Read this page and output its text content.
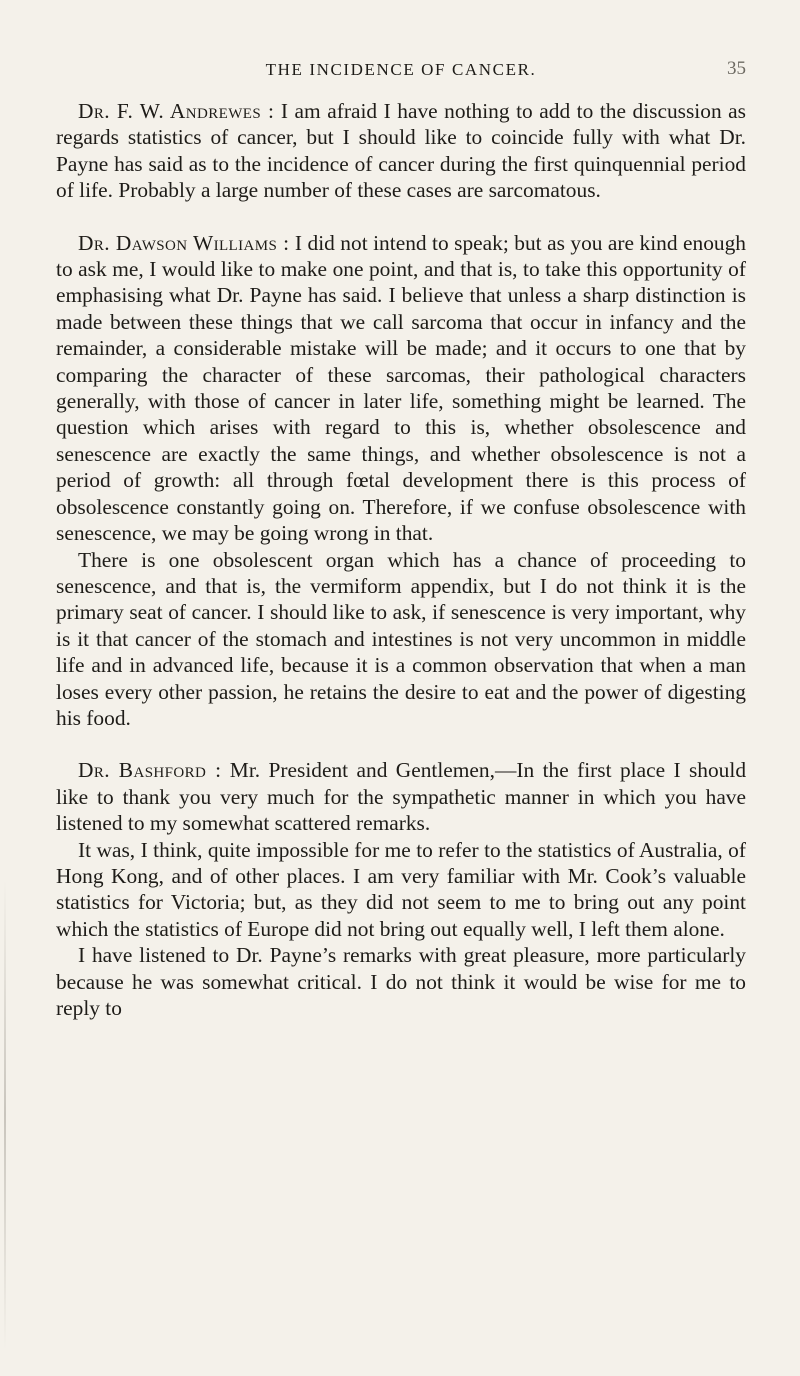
THE INCIDENCE OF CANCER.	35

Dr. F. W. Andrewes : I am afraid I have nothing to add to the discussion as regards statistics of cancer, but I should like to coincide fully with what Dr. Payne has said as to the incidence of cancer during the first quinquennial period of life. Probably a large number of these cases are sarcomatous.

Dr. Dawson Williams : I did not intend to speak; but as you are kind enough to ask me, I would like to make one point, and that is, to take this opportunity of emphasising what Dr. Payne has said. I believe that unless a sharp distinction is made between these things that we call sarcoma that occur in infancy and the remainder, a considerable mistake will be made; and it occurs to one that by comparing the character of these sarcomas, their pathological characters generally, with those of cancer in later life, something might be learned. The question which arises with regard to this is, whether obsolescence and senescence are exactly the same things, and whether obsolescence is not a period of growth: all through fœtal development there is this process of obsolescence constantly going on. Therefore, if we confuse obsolescence with senescence, we may be going wrong in that.

There is one obsolescent organ which has a chance of proceeding to senescence, and that is, the vermiform appendix, but I do not think it is the primary seat of cancer. I should like to ask, if senescence is very important, why is it that cancer of the stomach and intestines is not very uncommon in middle life and in advanced life, because it is a common observation that when a man loses every other passion, he retains the desire to eat and the power of digesting his food.

Dr. Bashford : Mr. President and Gentlemen,—In the first place I should like to thank you very much for the sympathetic manner in which you have listened to my somewhat scattered remarks.

It was, I think, quite impossible for me to refer to the statistics of Australia, of Hong Kong, and of other places. I am very familiar with Mr. Cook’s valuable statistics for Victoria; but, as they did not seem to me to bring out any point which the statistics of Europe did not bring out equally well, I left them alone.

I have listened to Dr. Payne’s remarks with great pleasure, more particularly because he was somewhat critical. I do not think it would be wise for me to reply to
